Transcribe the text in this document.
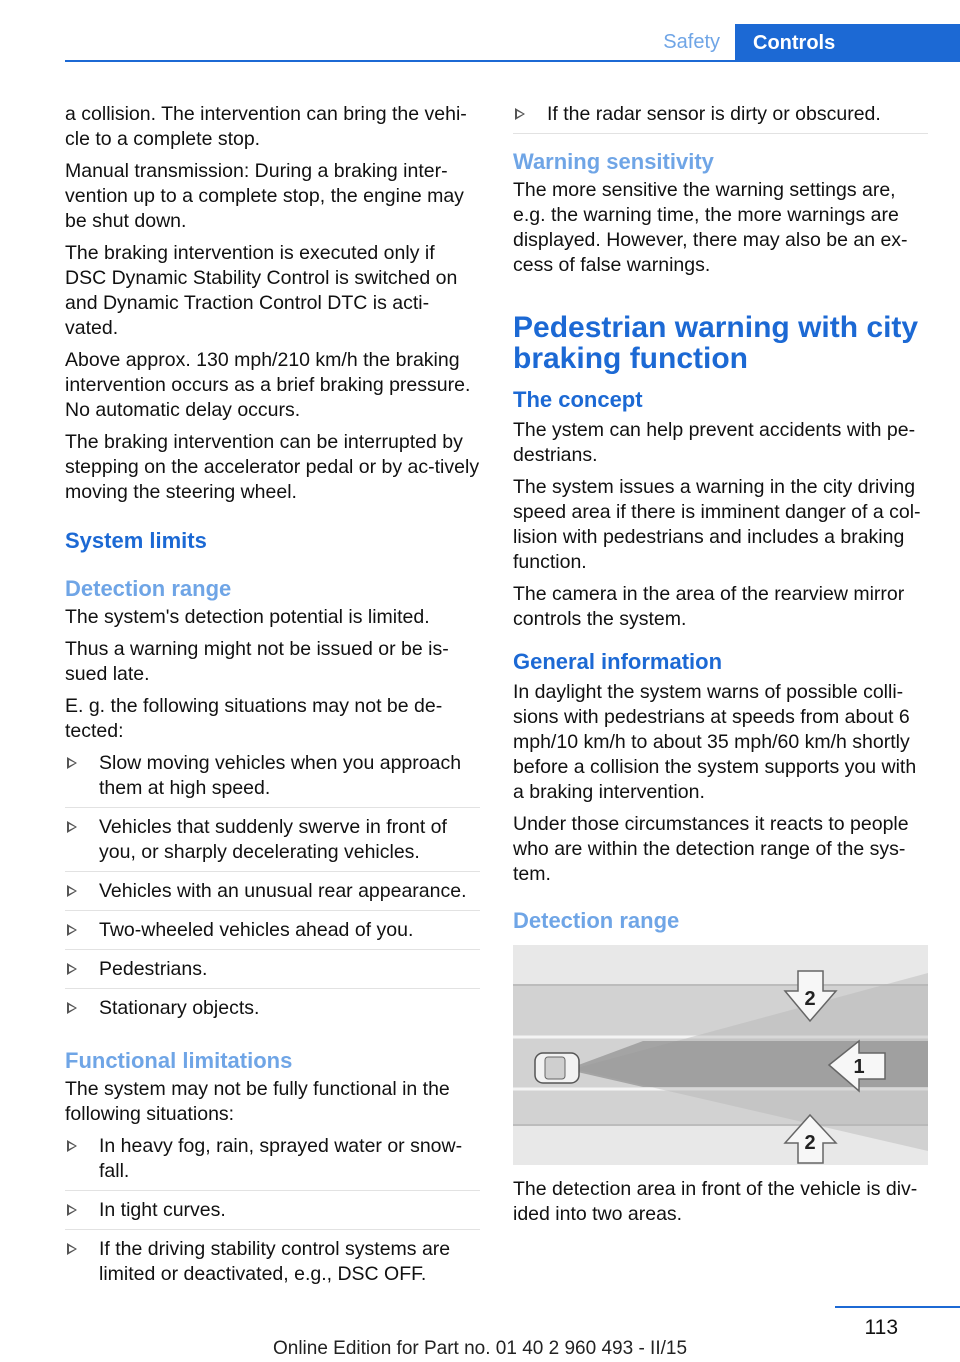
Safety	Controls

a collision. The intervention can bring the vehi‐cle to a complete stop.

Manual transmission: During a braking inter‐vention up to a complete stop, the engine may be shut down.

The braking intervention is executed only if DSC Dynamic Stability Control is switched on and Dynamic Traction Control DTC is acti‐vated.

Above approx. 130 mph/210 km/h the braking intervention occurs as a brief braking pressure. No automatic delay occurs.

The braking intervention can be interrupted by stepping on the accelerator pedal or by ac‐tively moving the steering wheel.

System limits
Detection range

The system's detection potential is limited.

Thus a warning might not be issued or be is‐sued late.

E. g. the following situations may not be de‐tected:

Slow moving vehicles when you approach them at high speed.
Vehicles that suddenly swerve in front of you, or sharply decelerating vehicles.
Vehicles with an unusual rear appearance.
Two-wheeled vehicles ahead of you.
Pedestrians.
Stationary objects.
Functional limitations

The system may not be fully functional in the following situations:

In heavy fog, rain, sprayed water or snow‐fall.
In tight curves.
If the driving stability control systems are limited or deactivated, e.g., DSC OFF.
If the radar sensor is dirty or obscured.
Warning sensitivity

The more sensitive the warning settings are, e.g. the warning time, the more warnings are displayed. However, there may also be an ex‐cess of false warnings.

Pedestrian warning with city braking function
The concept

The ystem can help prevent accidents with pe‐destrians.

The system issues a warning in the city driving speed area if there is imminent danger of a col‐lision with pedestrians and includes a braking function.

The camera in the area of the rearview mirror controls the system.

General information

In daylight the system warns of possible colli‐sions with pedestrians at speeds from about 6 mph/10 km/h to about 35 mph/60 km/h shortly before a collision the system supports you with a braking intervention.

Under those circumstances it reacts to people who are within the detection range of the sys‐tem.

Detection range
2
1
2

The detection area in front of the vehicle is div‐ided into two areas.

113
Online Edition for Part no. 01 40 2 960 493 - II/15
